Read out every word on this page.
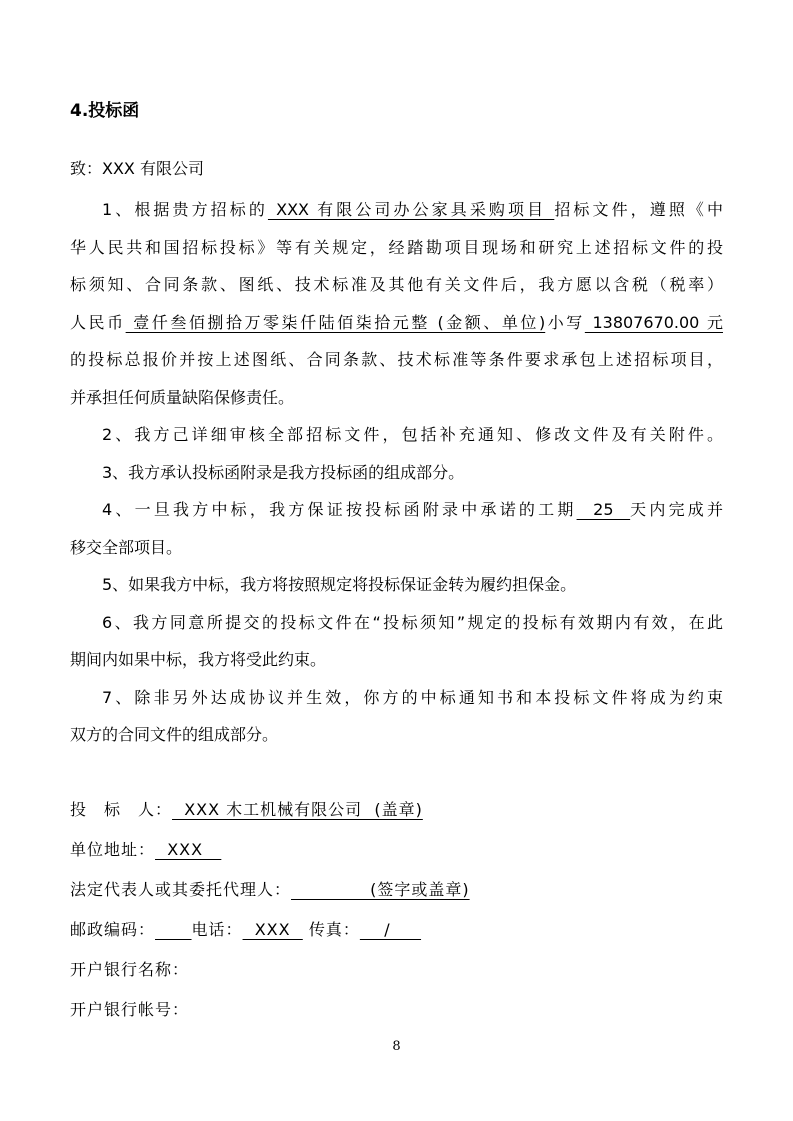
4.投标函
致：XXX 有限公司
1、根据贵方招标的 XXX 有限公司办公家具采购项目 招标文件，遵照《中
华人民共和国招标投标》等有关规定，经踏勘项目现场和研究上述招标文件的投
标须知、合同条款、图纸、技术标准及其他有关文件后，我方愿以含税（税率）
人民币 壹仟叁佰捌拾万零柒仟陆佰柒拾元整 (金额、单位)小写 13807670.00 元
的投标总报价并按上述图纸、合同条款、技术标准等条件要求承包上述招标项目，
并承担任何质量缺陷保修责任。
2、我方己详细审核全部招标文件，包括补充通知、修改文件及有关附件。
3、我方承认投标函附录是我方投标函的组成部分。
4、一旦我方中标，我方保证按投标函附录中承诺的工期  25  天内完成并
移交全部项目。
5、如果我方中标，我方将按照规定将投标保证金转为履约担保金。
6、我方同意所提交的投标文件在“投标须知”规定的投标有效期内有效，在此
期间内如果中标，我方将受此约束。
7、除非另外达成协议并生效，你方的中标通知书和本投标文件将成为约束
双方的合同文件的组成部分。
投　标　人：  XXX 木工机械有限公司  (盖章)
单位地址：  XXX
法定代表人或其委托代理人：             (签字或盖章)
邮政编码： 电话：  XXX   传真：    /
开户银行名称：
开户银行帐号：
8
